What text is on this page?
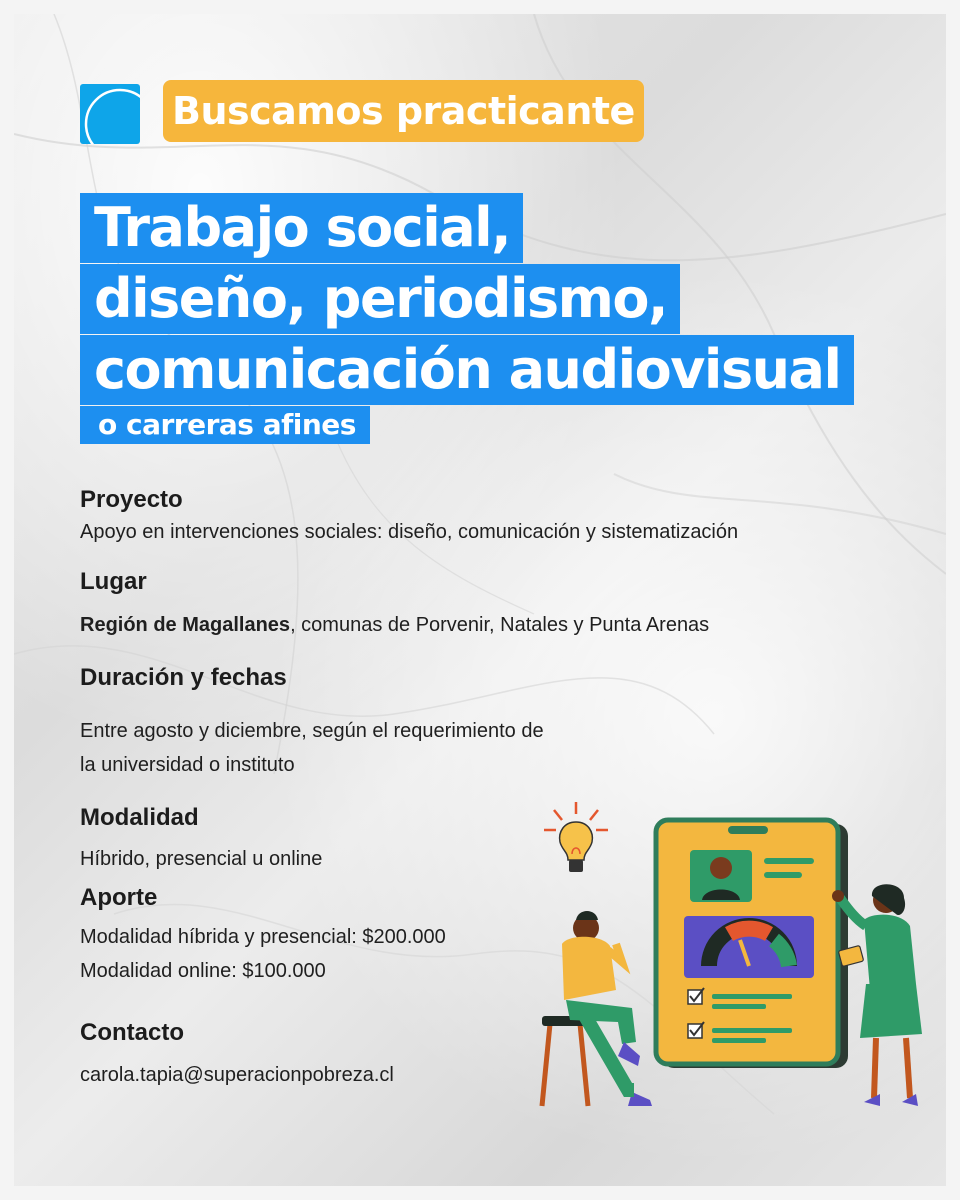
Buscamos practicante
Trabajo social,
diseño, periodismo,
comunicación audiovisual
o carreras afines
Proyecto
Apoyo en intervenciones sociales: diseño, comunicación y sistematización
Lugar
Región de Magallanes, comunas de Porvenir, Natales y Punta Arenas
Duración y fechas
Entre agosto y diciembre, según el requerimiento de
la universidad o instituto
Modalidad
Híbrido, presencial u online
Aporte
Modalidad híbrida y presencial: $200.000
Modalidad online: $100.000
Contacto
carola.tapia@superacionpobreza.cl
